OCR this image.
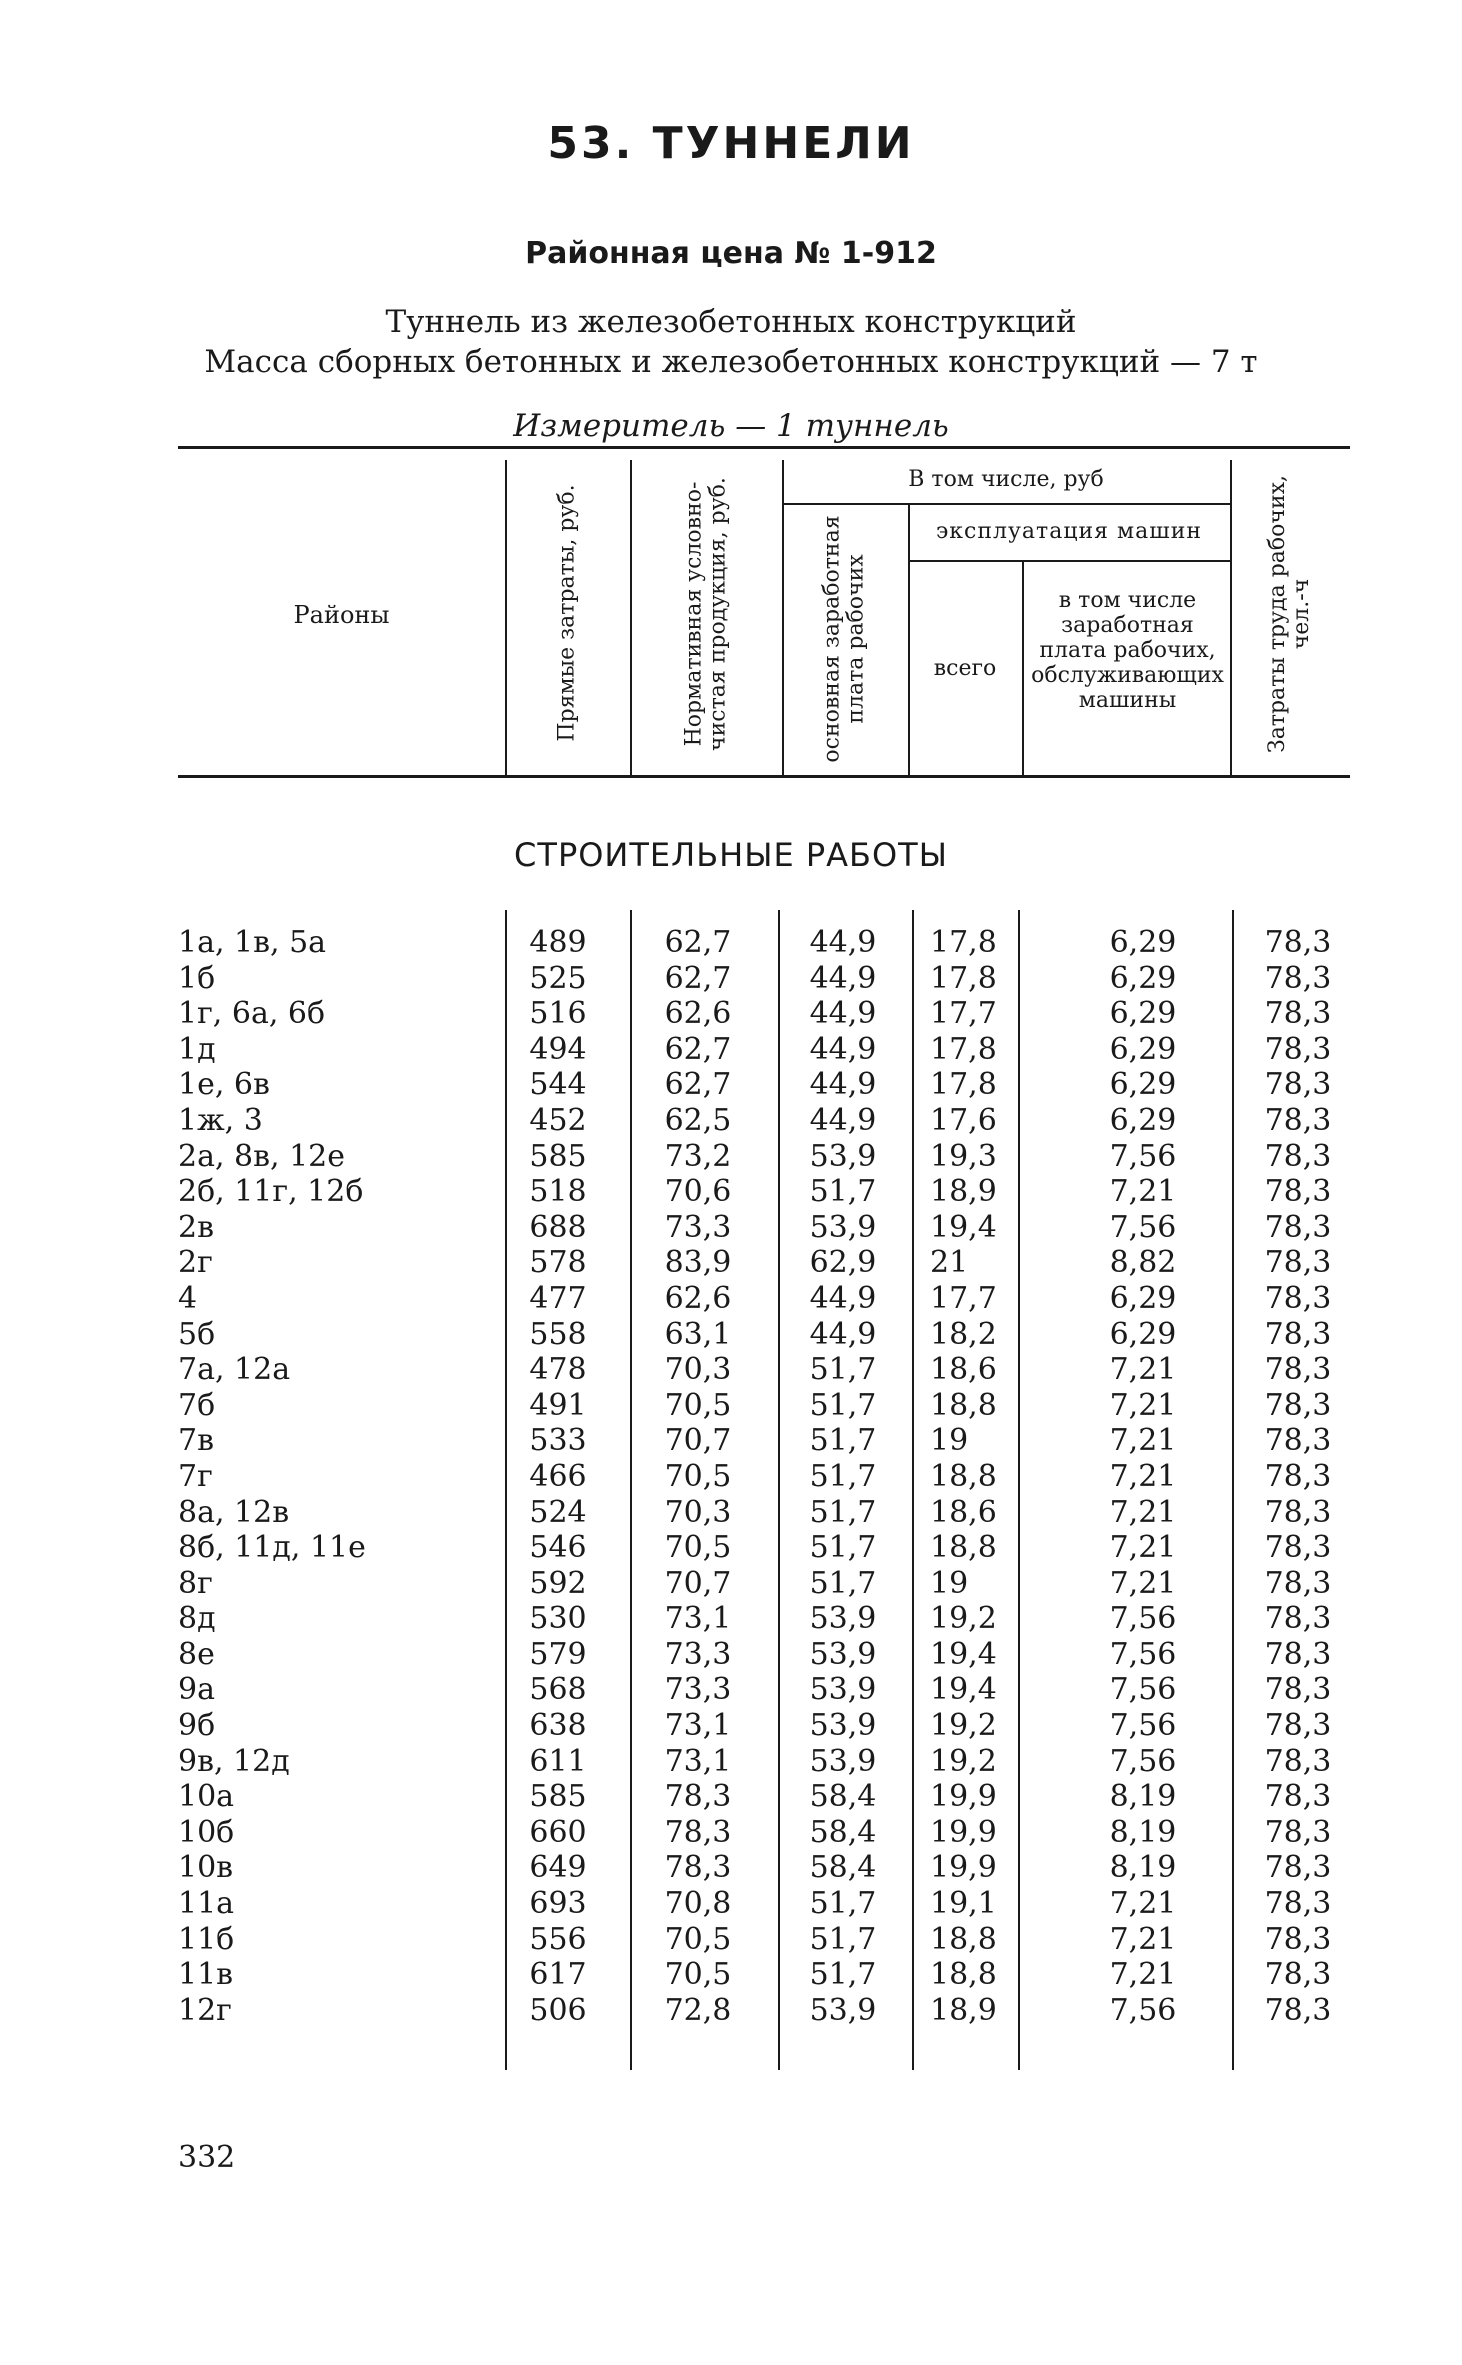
53. ТУННЕЛИ
Районная цена № 1-912
Туннель из железобетонных конструкций
Масса сборных бетонных и железобетонных конструкций — 7 т
Измеритель — 1 туннель
Районы	Прямые затраты, руб.	Нормативная условно-чистая продукция, руб.	В том числе, руб
основная заработная плата рабочих
эксплуатация машин
всего
в том числе заработная плата рабочих, обслуживающих машины	Затраты труда рабочих, чел.-ч
СТРОИТЕЛЬНЫЕ РАБОТЫ
1а, 1в, 5а	489	62,7	44,9	17,8	6,29	78,3
1б	525	62,7	44,9	17,8	6,29	78,3
1г, 6а, 6б	516	62,6	44,9	17,7	6,29	78,3
1д	494	62,7	44,9	17,8	6,29	78,3
1е, 6в	544	62,7	44,9	17,8	6,29	78,3
1ж, 3	452	62,5	44,9	17,6	6,29	78,3
2а, 8в, 12е	585	73,2	53,9	19,3	7,56	78,3
2б, 11г, 12б	518	70,6	51,7	18,9	7,21	78,3
2в	688	73,3	53,9	19,4	7,56	78,3
2г	578	83,9	62,9	21	8,82	78,3
4	477	62,6	44,9	17,7	6,29	78,3
5б	558	63,1	44,9	18,2	6,29	78,3
7а, 12а	478	70,3	51,7	18,6	7,21	78,3
7б	491	70,5	51,7	18,8	7,21	78,3
7в	533	70,7	51,7	19	7,21	78,3
7г	466	70,5	51,7	18,8	7,21	78,3
8а, 12в	524	70,3	51,7	18,6	7,21	78,3
8б, 11д, 11е	546	70,5	51,7	18,8	7,21	78,3
8г	592	70,7	51,7	19	7,21	78,3
8д	530	73,1	53,9	19,2	7,56	78,3
8е	579	73,3	53,9	19,4	7,56	78,3
9а	568	73,3	53,9	19,4	7,56	78,3
9б	638	73,1	53,9	19,2	7,56	78,3
9в, 12д	611	73,1	53,9	19,2	7,56	78,3
10а	585	78,3	58,4	19,9	8,19	78,3
10б	660	78,3	58,4	19,9	8,19	78,3
10в	649	78,3	58,4	19,9	8,19	78,3
11а	693	70,8	51,7	19,1	7,21	78,3
11б	556	70,5	51,7	18,8	7,21	78,3
11в	617	70,5	51,7	18,8	7,21	78,3
12г	506	72,8	53,9	18,9	7,56	78,3
332
